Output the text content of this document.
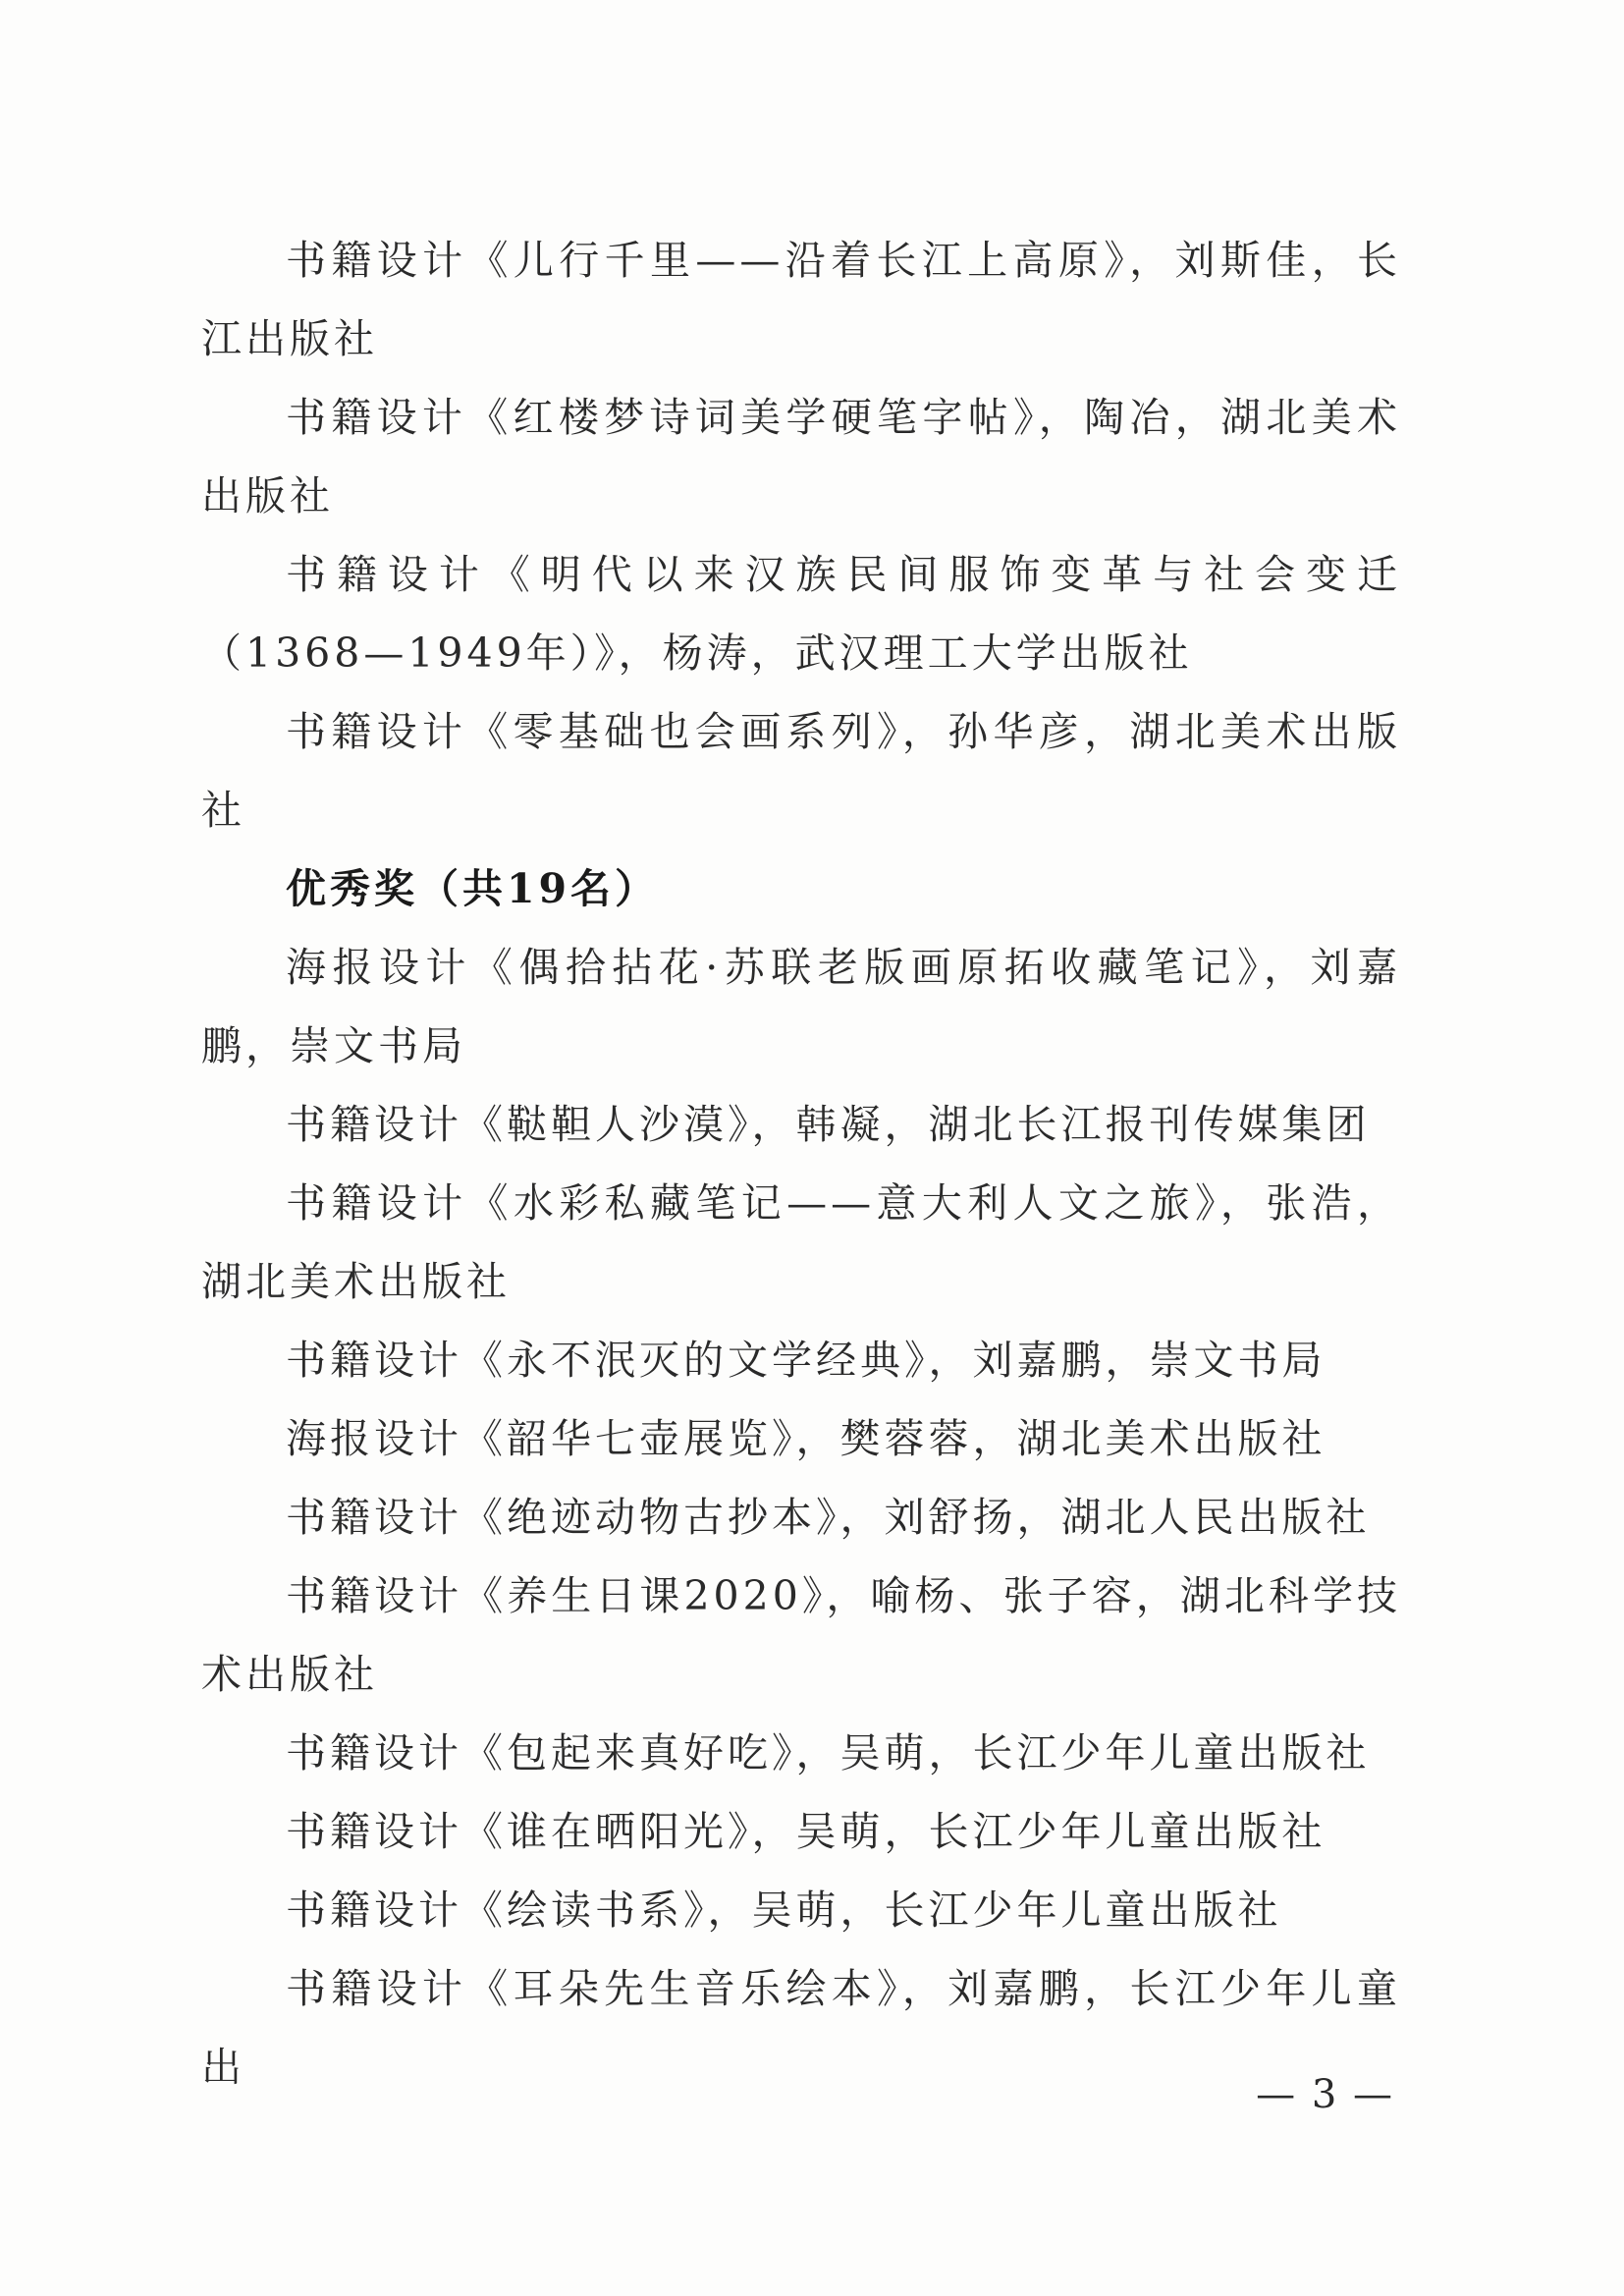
书籍设计《儿行千里——沿着长江上高原》，刘斯佳，长江出版社

书籍设计《红楼梦诗词美学硬笔字帖》，陶冶，湖北美术出版社

书籍设计《明代以来汉族民间服饰变革与社会变迁（1368—1949年）》，杨涛，武汉理工大学出版社

书籍设计《零基础也会画系列》，孙华彦，湖北美术出版社

优秀奖（共19名）

海报设计《偶拾拈花·苏联老版画原拓收藏笔记》，刘嘉鹏，崇文书局

书籍设计《鞑靼人沙漠》，韩凝，湖北长江报刊传媒集团

书籍设计《水彩私藏笔记——意大利人文之旅》，张浩，湖北美术出版社

书籍设计《永不泯灭的文学经典》，刘嘉鹏，崇文书局

海报设计《韶华七壶展览》，樊蓉蓉，湖北美术出版社

书籍设计《绝迹动物古抄本》，刘舒扬，湖北人民出版社

书籍设计《养生日课2020》，喻杨、张子容，湖北科学技术出版社

书籍设计《包起来真好吃》，吴萌，长江少年儿童出版社

书籍设计《谁在晒阳光》，吴萌，长江少年儿童出版社

书籍设计《绘读书系》，吴萌，长江少年儿童出版社

书籍设计《耳朵先生音乐绘本》，刘嘉鹏，长江少年儿童出

— 3 —
